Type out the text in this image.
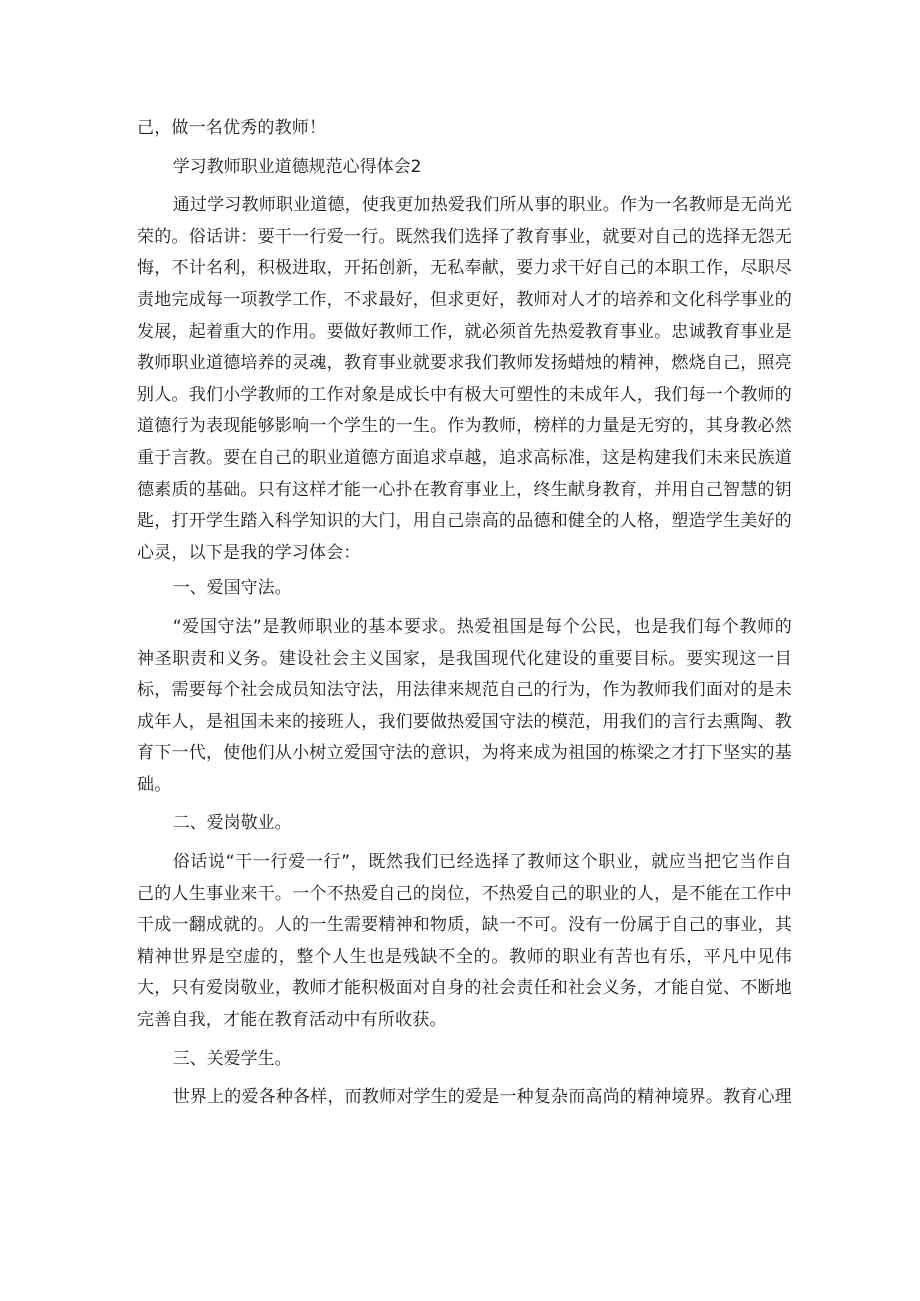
己，做一名优秀的教师！

学习教师职业道德规范心得体会2

通过学习教师职业道德，使我更加热爱我们所从事的职业。作为一名教师是无尚光荣的。俗话讲：要干一行爱一行。既然我们选择了教育事业，就要对自己的选择无怨无悔，不计名利，积极进取，开拓创新，无私奉献，要力求干好自己的本职工作，尽职尽责地完成每一项教学工作，不求最好，但求更好，教师对人才的培养和文化科学事业的发展，起着重大的作用。要做好教师工作，就必须首先热爱教育事业。忠诚教育事业是教师职业道德培养的灵魂，教育事业就要求我们教师发扬蜡烛的精神，燃烧自己，照亮别人。我们小学教师的工作对象是成长中有极大可塑性的未成年人，我们每一个教师的道德行为表现能够影响一个学生的一生。作为教师，榜样的力量是无穷的，其身教必然重于言教。要在自己的职业道德方面追求卓越，追求高标准，这是构建我们未来民族道德素质的基础。只有这样才能一心扑在教育事业上，终生献身教育，并用自己智慧的钥匙，打开学生踏入科学知识的大门，用自己崇高的品德和健全的人格，塑造学生美好的心灵，以下是我的学习体会：

一、爱国守法。

“爱国守法”是教师职业的基本要求。热爱祖国是每个公民，也是我们每个教师的神圣职责和义务。建设社会主义国家，是我国现代化建设的重要目标。要实现这一目标，需要每个社会成员知法守法，用法律来规范自己的行为，作为教师我们面对的是未成年人，是祖国未来的接班人，我们要做热爱国守法的模范，用我们的言行去熏陶、教育下一代，使他们从小树立爱国守法的意识，为将来成为祖国的栋梁之才打下坚实的基础。

二、爱岗敬业。

俗话说“干一行爱一行”，既然我们已经选择了教师这个职业，就应当把它当作自己的人生事业来干。一个不热爱自己的岗位，不热爱自己的职业的人，是不能在工作中干成一翻成就的。人的一生需要精神和物质，缺一不可。没有一份属于自己的事业，其精神世界是空虚的，整个人生也是残缺不全的。教师的职业有苦也有乐，平凡中见伟大，只有爱岗敬业，教师才能积极面对自身的社会责任和社会义务，才能自觉、不断地完善自我，才能在教育活动中有所收获。

三、关爱学生。

世界上的爱各种各样，而教师对学生的爱是一种复杂而高尚的精神境界。教育心理
